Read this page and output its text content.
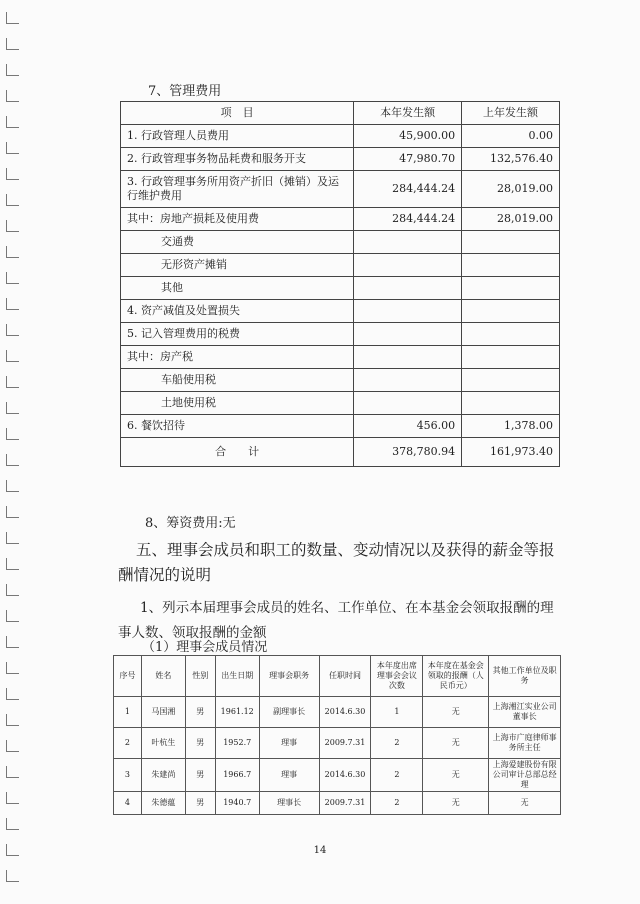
7、管理费用
项　目	本年发生额	上年发生额
1. 行政管理人员费用	45,900.00	0.00
2. 行政管理事务物品耗费和服务开支	47,980.70	132,576.40
3. 行政管理事务所用资产折旧（摊销）及运行维护费用	284,444.24	28,019.00
其中：房地产损耗及使用费	284,444.24	28,019.00
交通费		
无形资产摊销		
其他		
4. 资产减值及处置损失		
5. 记入管理费用的税费		
其中：房产税		
车船使用税		
土地使用税		
6. 餐饮招待	456.00	1,378.00
合　　计	378,780.94	161,973.40
8、筹资费用:无
五、理事会成员和职工的数量、变动情况以及获得的薪金等报酬情况的说明
1、列示本届理事会成员的姓名、工作单位、在本基金会领取报酬的理事人数、领取报酬的金额
（1）理事会成员情况
序号	姓名	性别	出生日期	理事会职务	任职时间	本年度出席理事会会议次数	本年度在基金会领取的报酬（人民币元）	其他工作单位及职务
1	马国湘	男	1961.12	副理事长	2014.6.30	1	无	上海湘江实业公司董事长
2	叶杭生	男	1952.7	理事	2009.7.31	2	无	上海市广庭律师事务所主任
3	朱建尚	男	1966.7	理事	2014.6.30	2	无	上海爱建股份有限公司审计总部总经理
4	朱德蕴	男	1940.7	理事长	2009.7.31	2	无	无
14
